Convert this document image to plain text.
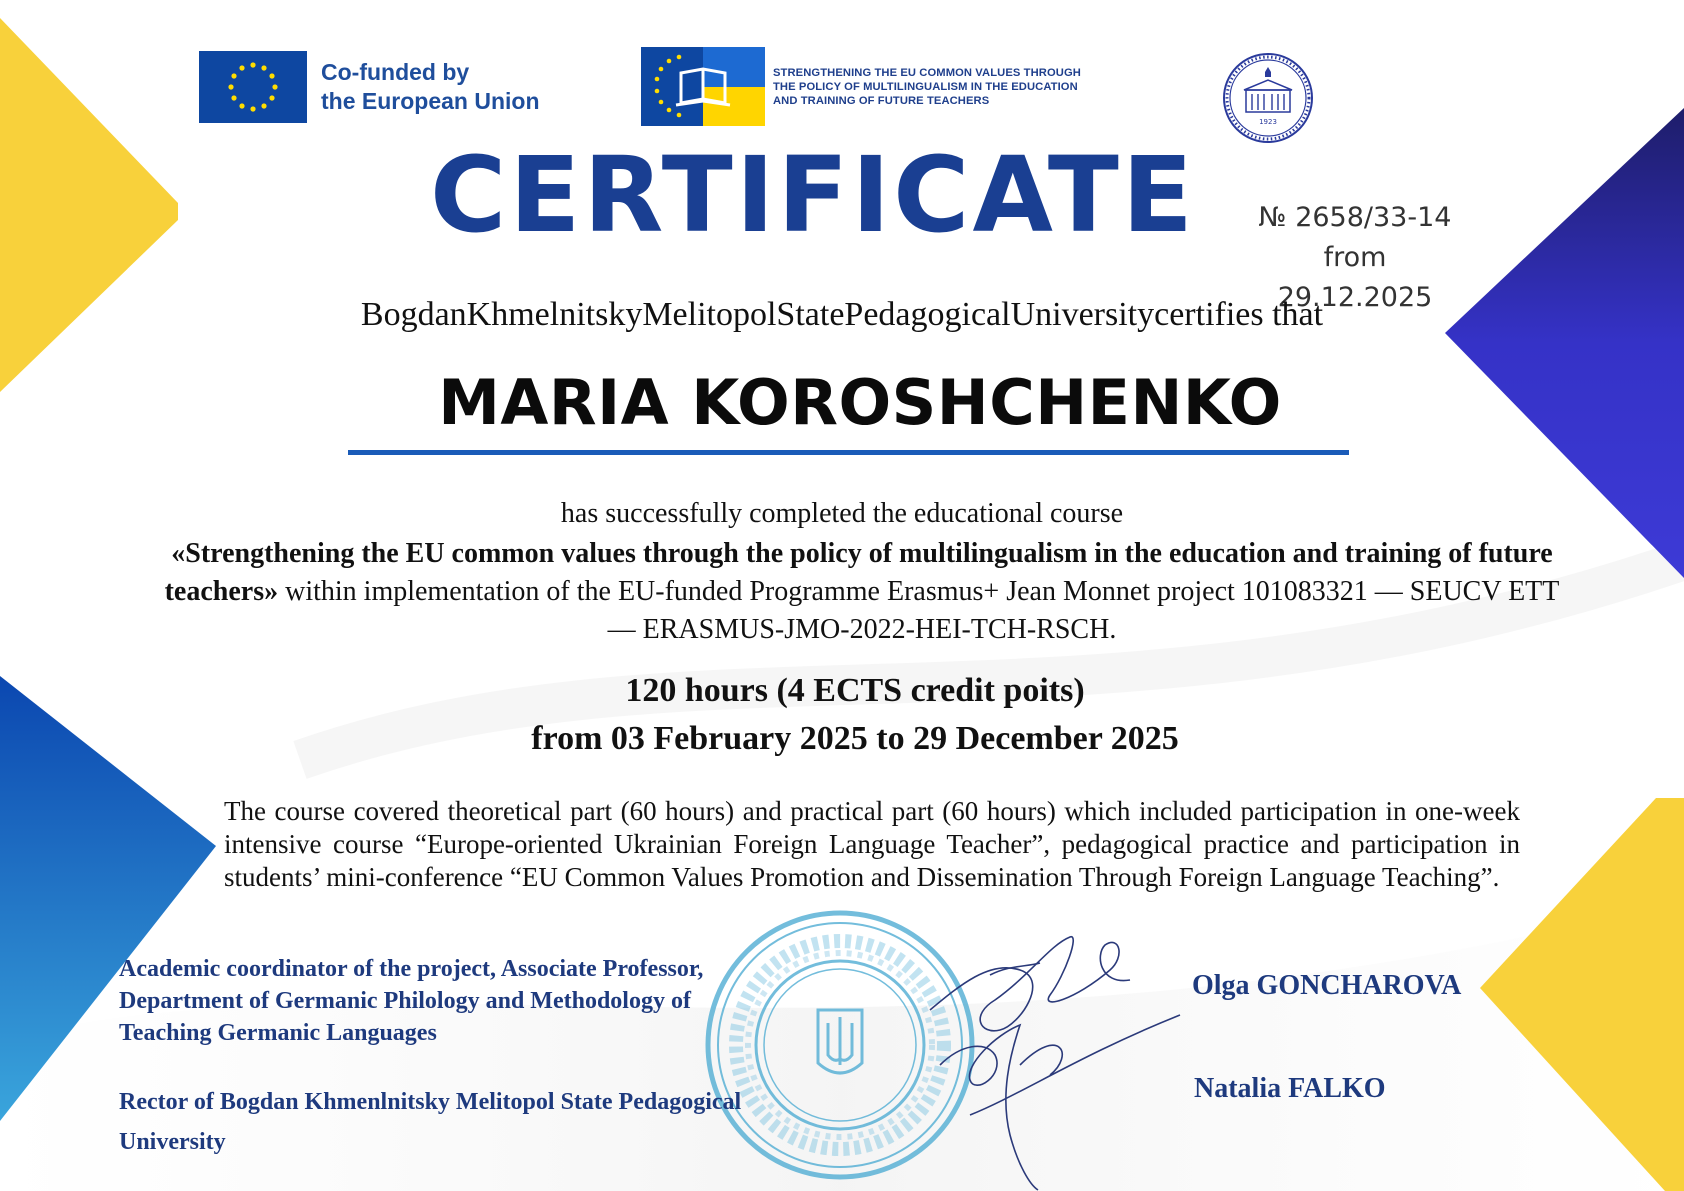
Co-funded by
the European Union
STRENGTHENING THE EU COMMON VALUES THROUGH
THE POLICY OF MULTILINGUALISM IN THE EDUCATION
AND TRAINING OF FUTURE TEACHERS
1923
CERTIFICATE	№ 2658/33-14
from 29.12.2025
BogdanKhmelnitskyMelitopolStatePedagogicalUniversitycertifies that
MARIA KOROSHCHENKO
has successfully completed the educational course
«Strengthening the EU common values through the policy of multilingualism in the education and training of future teachers» within implementation of the EU-funded Programme Erasmus+ Jean Monnet project 101083321 — SEUCV ETT — ERASMUS-JMO-2022-HEI-TCH-RSCH.
120 hours (4 ECTS credit poits)
from 03 February 2025 to 29 December 2025
The course covered theoretical part (60 hours) and practical part (60 hours) which included participation in one-week intensive course “Europe-oriented Ukrainian Foreign Language Teacher”, pedagogical practice and participation in students’ mini-conference “EU Common Values Promotion and Dissemination Through Foreign Language Teaching”.
Academic coordinator of the project, Associate Professor, Department of Germanic Philology and Methodology of Teaching Germanic Languages
Olga GONCHAROVA
Rector of Bogdan Khmenlnitsky Melitopol State Pedagogical University
Natalia FALKO
